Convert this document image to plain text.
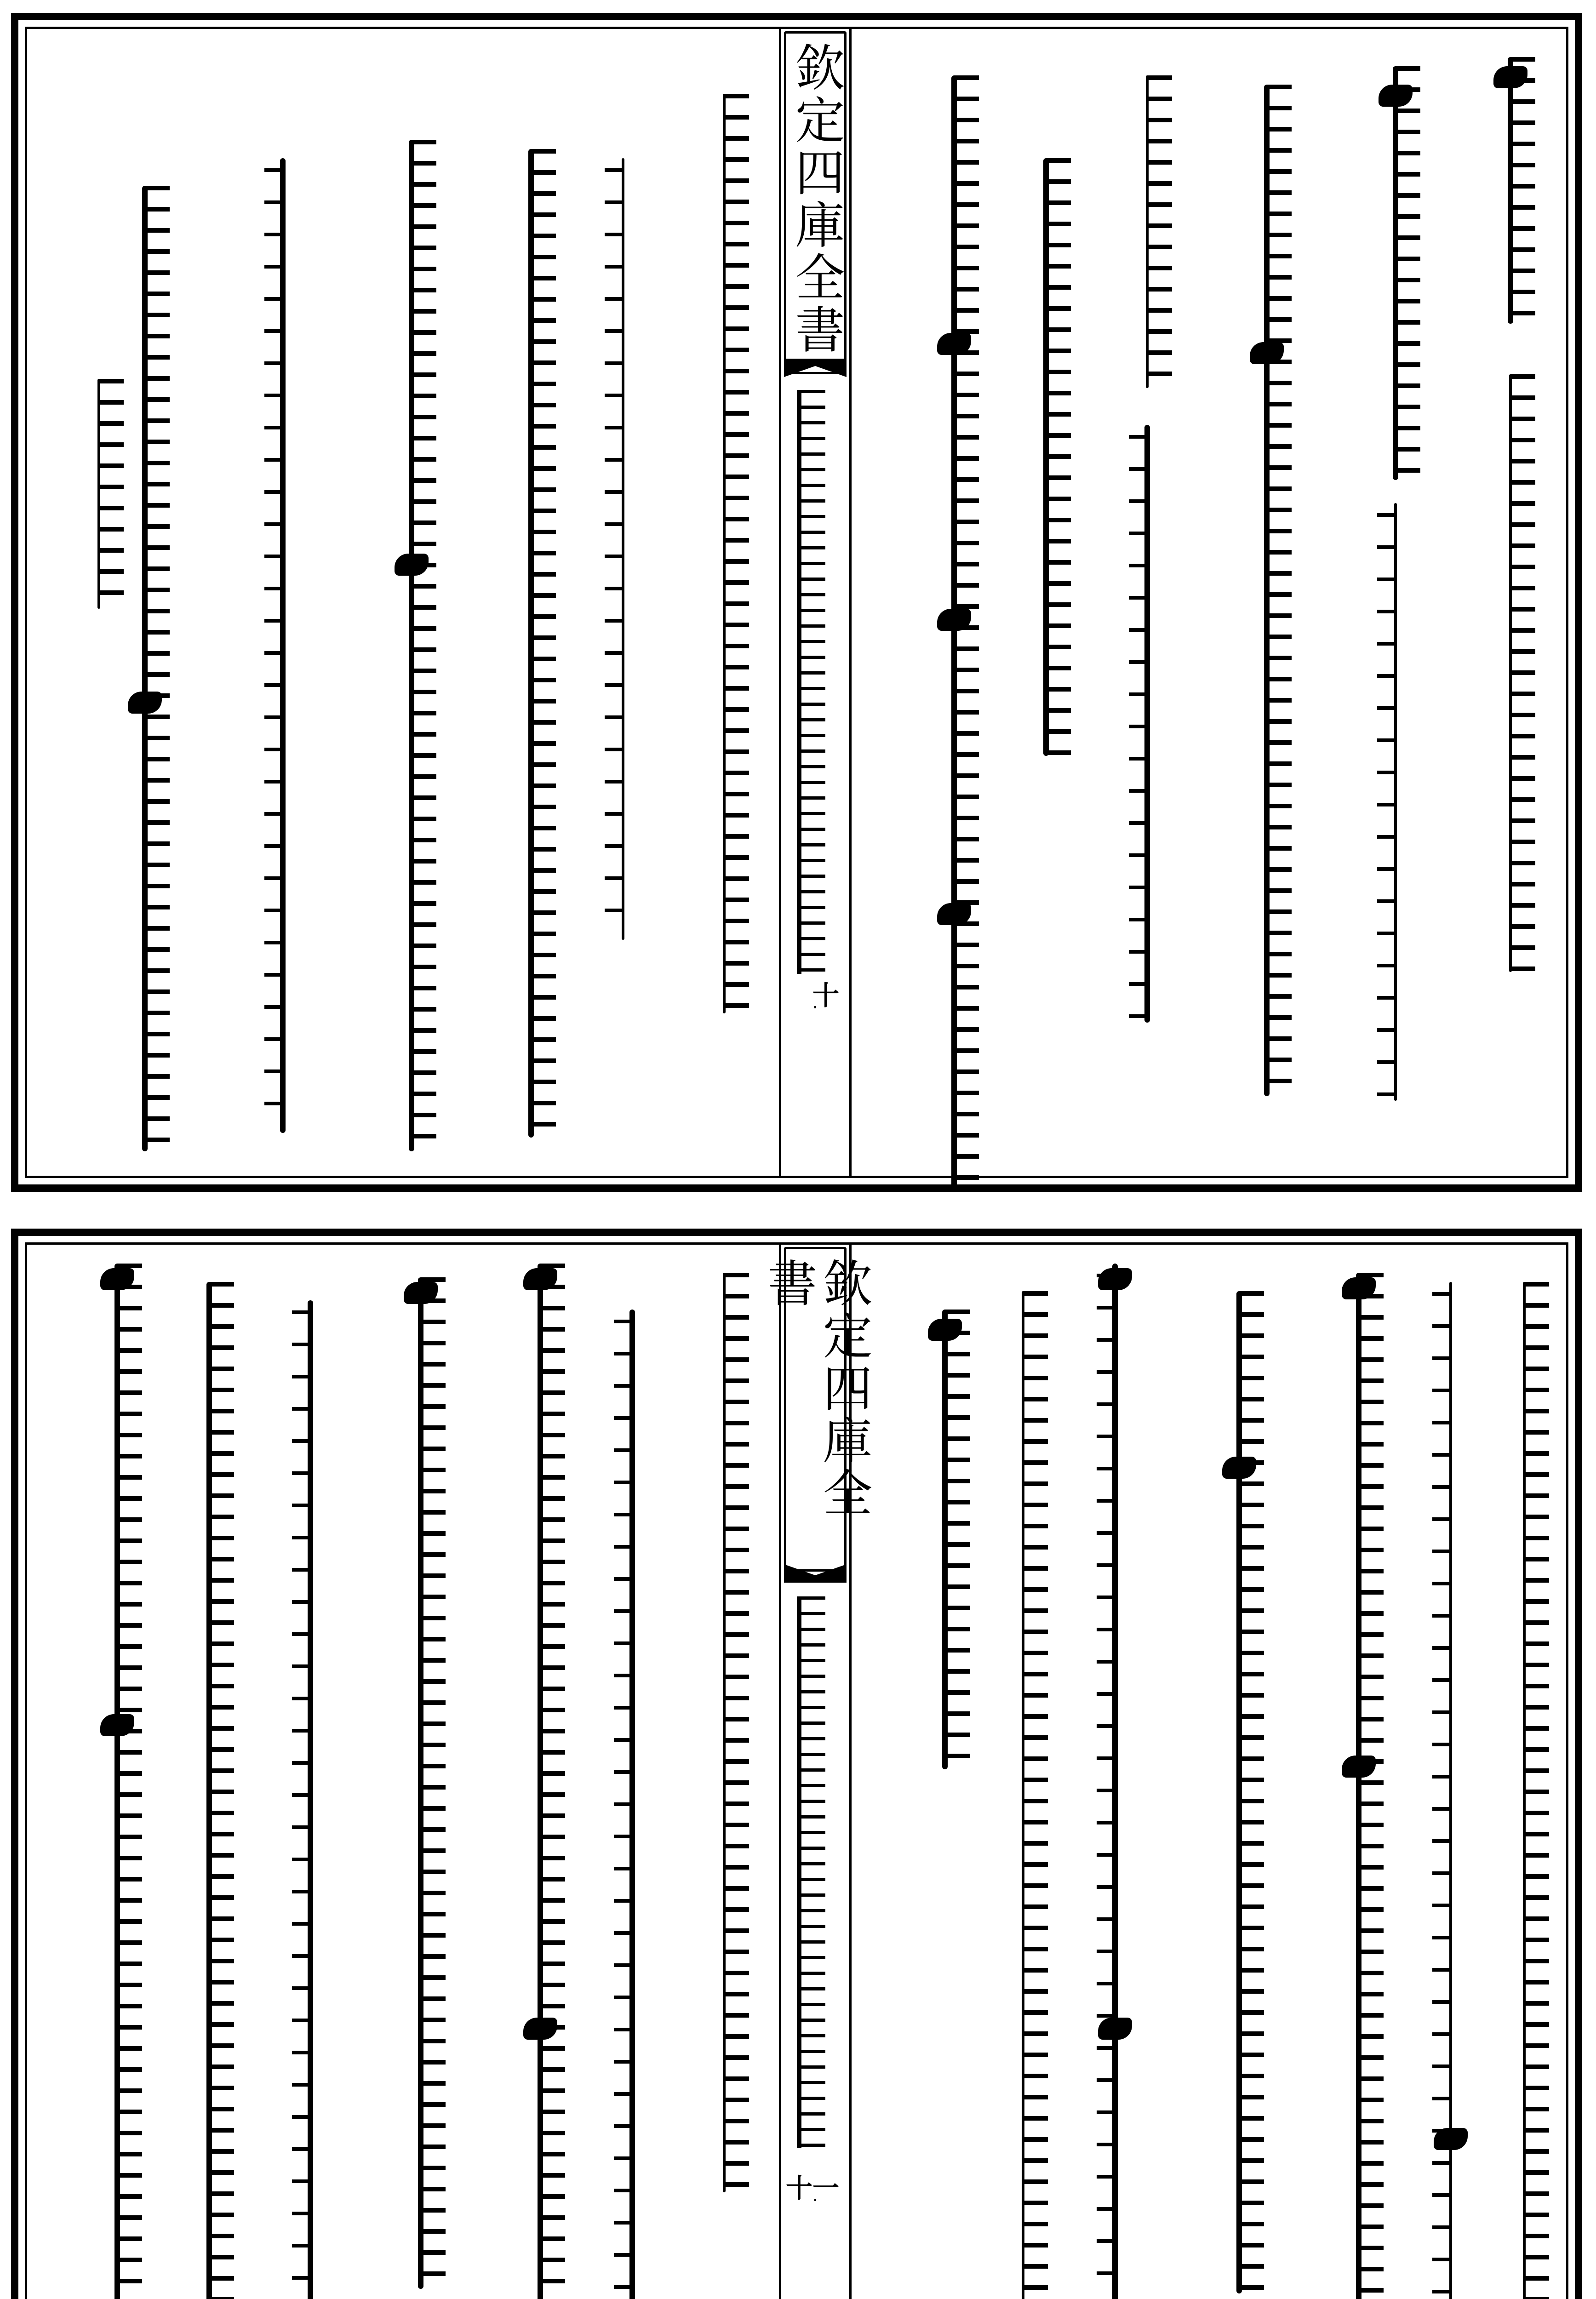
欽定四庫全書
十
欽定四庫全書
十一
